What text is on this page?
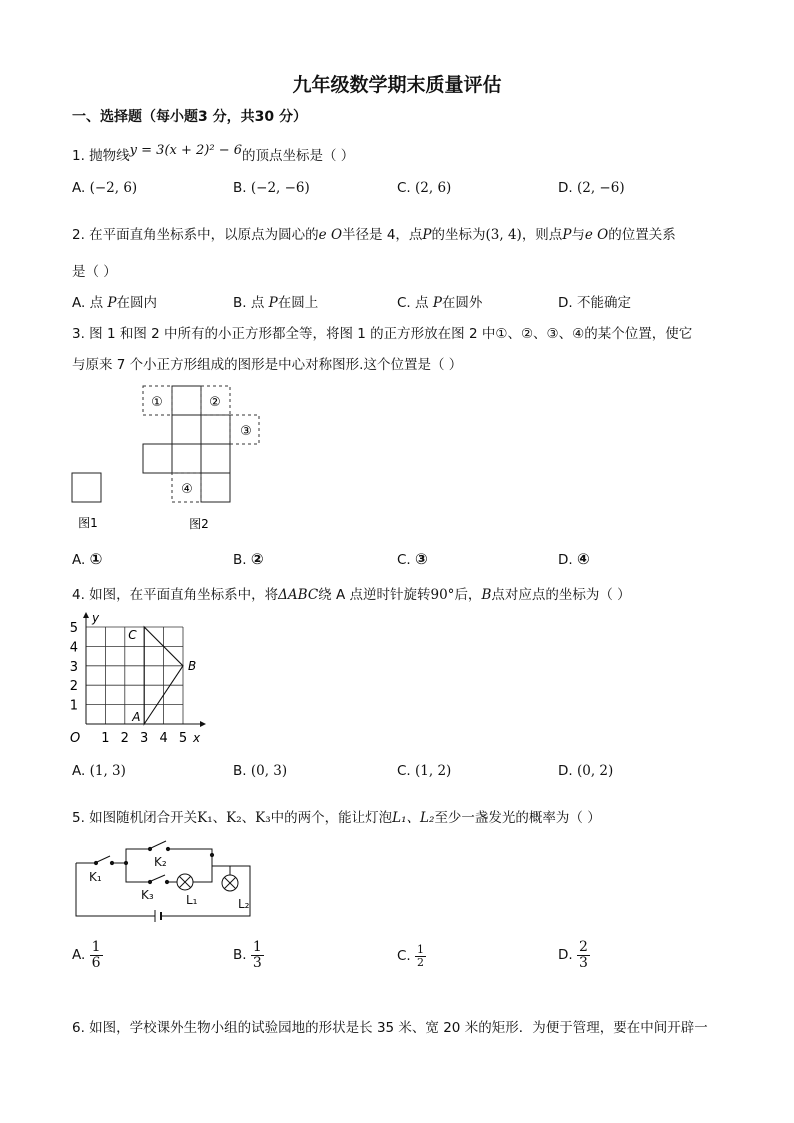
九年级数学期末质量评估
一、选择题（每小题3 分，共30 分）
1. 抛物线y = 3(x + 2)² − 6的顶点坐标是（ ）
A. (−2, 6)	B. (−2, −6)	C. (2, 6)	D. (2, −6)
2. 在平面直角坐标系中，以原点为圆心的e O半径是 4，点P的坐标为(3, 4)，则点P与e O的位置关系
是（ ）
A. 点 P在圆内	B. 点 P在圆上	C. 点 P在圆外	D. 不能确定
3. 图 1 和图 2 中所有的小正方形都全等，将图 1 的正方形放在图 2 中①、②、③、④的某个位置，使它
与原来 7 个小正方形组成的图形是中心对称图形.这个位置是（ ）
①	②
③
④
图1	图2
A. ①	B. ②	C. ③	D. ④
4. 如图，在平面直角坐标系中，将ΔABC绕 A 点逆时针旋转90°后，B点对应点的坐标为（ ）
1 2 3 4 5
1
2
3
4
5
A
B
C
y
x
O
A. (1, 3)	B. (0, 3)	C. (1, 2)	D. (0, 2)
5. 如图随机闭合开关K₁、K₂、K₃中的两个，能让灯泡L₁、L₂至少一盏发光的概率为（ ）
K₁
K₂
K₃	L₁	L₂
A. $\frac{1}{6}$	B. $\frac{1}{3}$	C. $\frac{1}{2}$	D. $\frac{2}{3}$
6. 如图，学校课外生物小组的试验园地的形状是长 35 米、宽 20 米的矩形．为便于管理，要在中间开辟一
